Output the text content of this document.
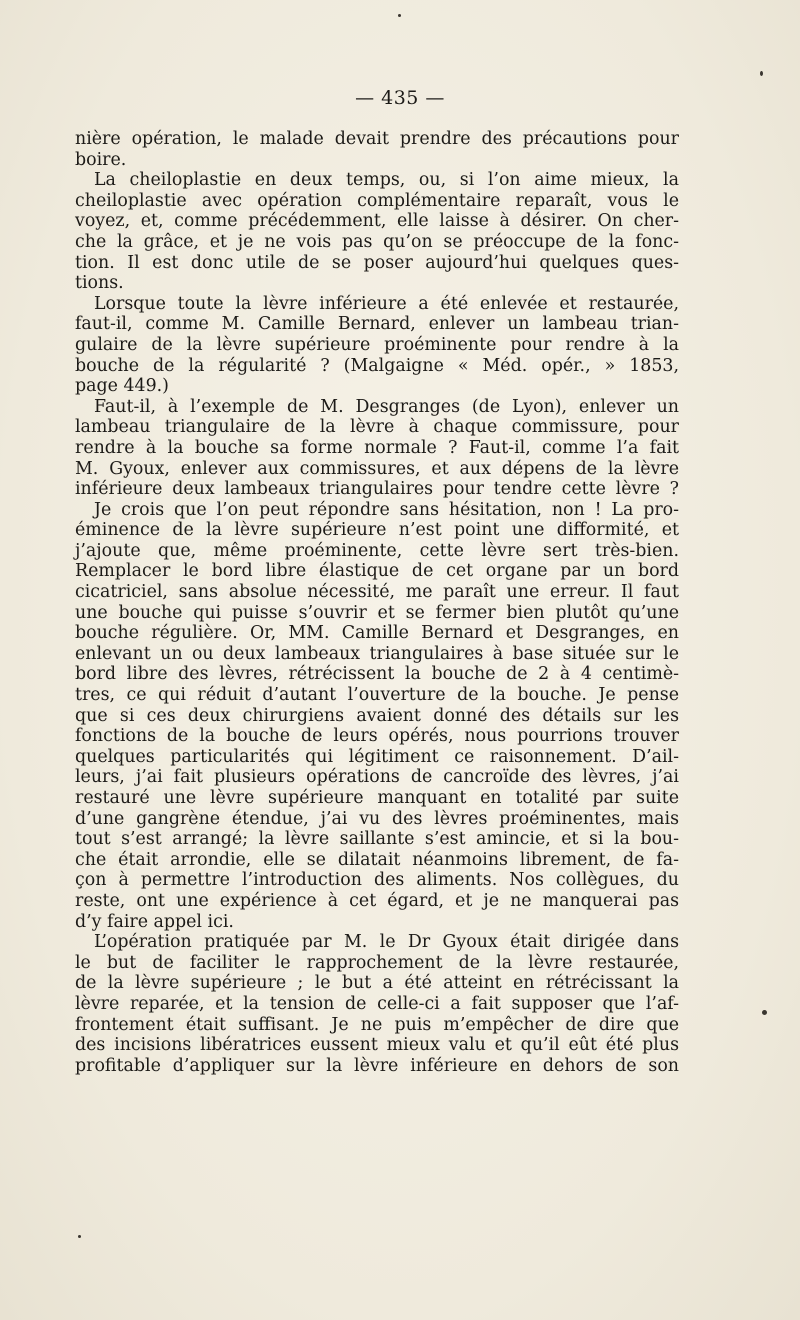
— 435 —
nière opération, le malade devait prendre des précautions pour
boire.
La cheiloplastie en deux temps, ou, si l’on aime mieux, la
cheiloplastie avec opération complémentaire reparaît, vous le
voyez, et, comme précédemment, elle laisse à désirer. On cher-
che la grâce, et je ne vois pas qu’on se préoccupe de la fonc-
tion. Il est donc utile de se poser aujourd’hui quelques ques-
tions.
Lorsque toute la lèvre inférieure a été enlevée et restaurée,
faut-il, comme M. Camille Bernard, enlever un lambeau trian-
gulaire de la lèvre supérieure proéminente pour rendre à la
bouche de la régularité ? (Malgaigne « Méd. opér., » 1853,
page 449.)
Faut-il, à l’exemple de M. Desgranges (de Lyon), enlever un
lambeau triangulaire de la lèvre à chaque commissure, pour
rendre à la bouche sa forme normale ? Faut-il, comme l’a fait
M. Gyoux, enlever aux commissures, et aux dépens de la lèvre
inférieure deux lambeaux triangulaires pour tendre cette lèvre ?
Je crois que l’on peut répondre sans hésitation, non ! La pro-
éminence de la lèvre supérieure n’est point une difformité, et
j’ajoute que, même proéminente, cette lèvre sert très-bien.
Remplacer le bord libre élastique de cet organe par un bord
cicatriciel, sans absolue nécessité, me paraît une erreur. Il faut
une bouche qui puisse s’ouvrir et se fermer bien plutôt qu’une
bouche régulière. Or, MM. Camille Bernard et Desgranges, en
enlevant un ou deux lambeaux triangulaires à base située sur le
bord libre des lèvres, rétrécissent la bouche de 2 à 4 centimè-
tres, ce qui réduit d’autant l’ouverture de la bouche. Je pense
que si ces deux chirurgiens avaient donné des détails sur les
fonctions de la bouche de leurs opérés, nous pourrions trouver
quelques particularités qui légitiment ce raisonnement. D’ail-
leurs, j’ai fait plusieurs opérations de cancroïde des lèvres, j’ai
restauré une lèvre supérieure manquant en totalité par suite
d’une gangrène étendue, j’ai vu des lèvres proéminentes, mais
tout s’est arrangé; la lèvre saillante s’est amincie, et si la bou-
che était arrondie, elle se dilatait néanmoins librement, de fa-
çon à permettre l’introduction des aliments. Nos collègues, du
reste, ont une expérience à cet égard, et je ne manquerai pas
d’y faire appel ici.
L’opération pratiquée par M. le Dr Gyoux était dirigée dans
le but de faciliter le rapprochement de la lèvre restaurée,
de la lèvre supérieure ; le but a été atteint en rétrécissant la
lèvre reparée, et la tension de celle-ci a fait supposer que l’af-
frontement était suffisant. Je ne puis m’empêcher de dire que
des incisions libératrices eussent mieux valu et qu’il eût été plus
profitable d’appliquer sur la lèvre inférieure en dehors de son
